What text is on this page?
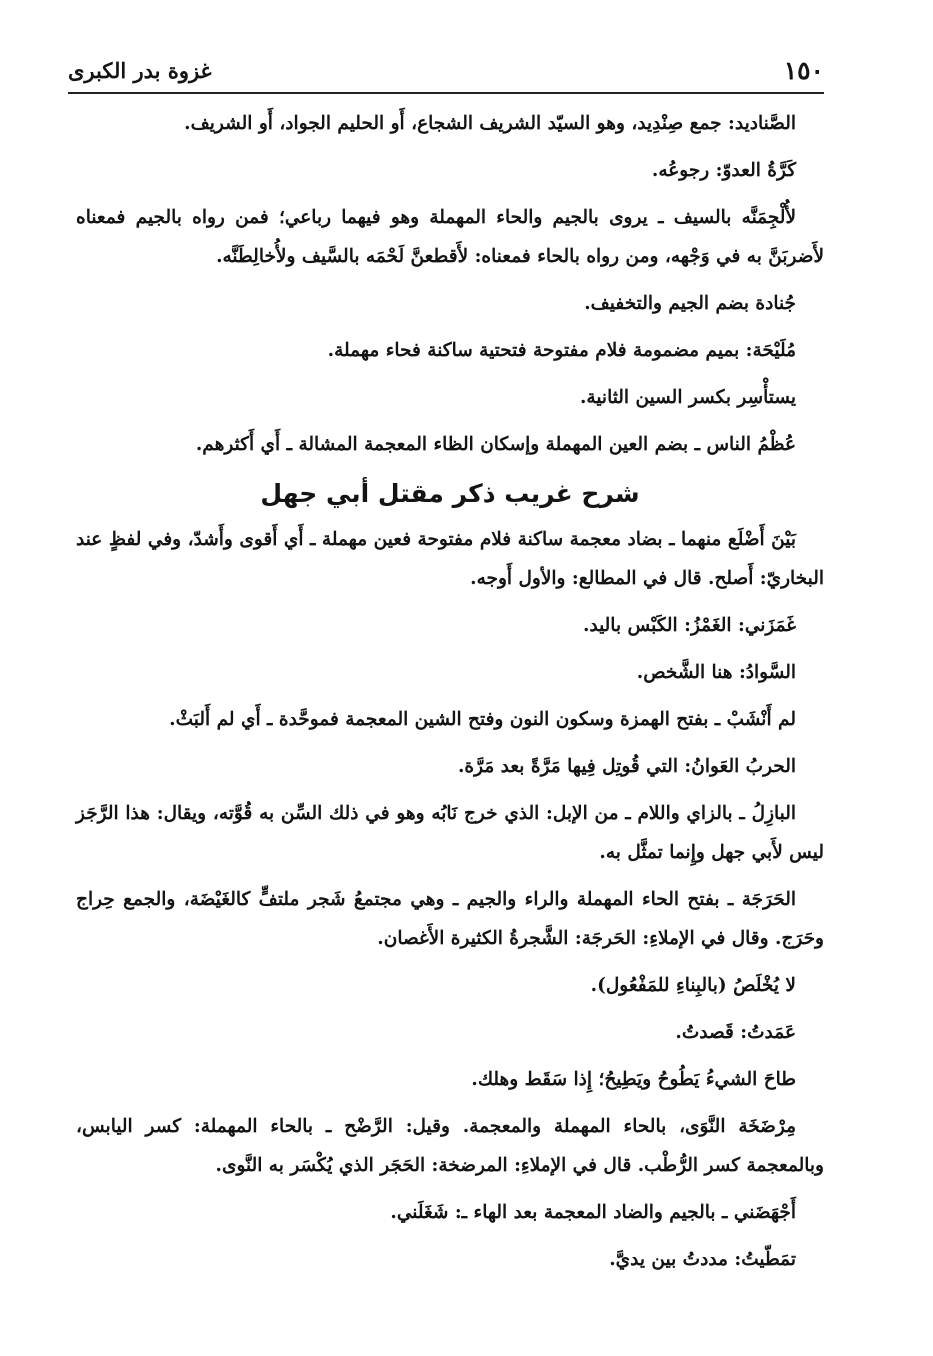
١٥٠
غزوة بدر الكبرى

الصَّناديد: جمع صِنْدِيد، وهو السيّد الشريف الشجاع، أَو الحليم الجواد، أَو الشريف.

كَرَّةُ العدوّ: رجوعُه.

لأُلْجِمَنَّه بالسيف ـ يروى بالجيم والحاء المهملة وهو فيهما رباعي؛ فمن رواه بالجيم فمعناه لأَضربَنَّ به في وَجْهه، ومن رواه بالحاء فمعناه: لأَقطعنَّ لَحْمَه بالسَّيف ولأُخالِطَنَّه.

جُنادة بضم الجيم والتخفيف.

مُلَيْحَة: بميم مضمومة فلام مفتوحة فتحتية ساكنة فحاء مهملة.

يستأْسِر بكسر السين الثانية.

عُظْمُ الناس ـ بضم العين المهملة وإسكان الظاء المعجمة المشالة ـ أَي أَكثرهم.

شرح غريب ذكر مقتل أبي جهل

بَيْنَ أَضْلَع منهما ـ بضاد معجمة ساكنة فلام مفتوحة فعين مهملة ـ أَي أَقوى وأَشدّ، وفي لفظٍ عند البخاريّ: أَصلح. قال في المطالع: والأول أَوجه.

غَمَزَني: الغَمْزُ: الكَبْس باليد.

السَّوادُ: هنا الشَّخص.

لم أَنْشَبْ ـ بفتح الهمزة وسكون النون وفتح الشين المعجمة فموحَّدة ـ أَي لم أَلبَثْ.

الحربُ العَوانُ: التي قُوتِل فِيها مَرَّةً بعد مَرَّة.

البازِلُ ـ بالزاي واللام ـ من الإبل: الذي خرج نَابُه وهو في ذلك السِّن به قُوَّته، ويقال: هذا الرَّجَز ليس لأَبي جهل وإِنما تمثَّل به.

الحَرَجَة ـ بفتح الحاء المهملة والراء والجيم ـ وهي مجتمعُ شَجر ملتفٍّ كالغَيْضَة، والجمع حِراج وحَرَج. وقال في الإملاءِ: الحَرجَة: الشَّجرةُ الكثيرة الأَغصان.

لا يُخْلَصُ (بالبِناءِ للمَفْعُول).

عَمَدتُ: قَصدتُ.

طاحَ الشيءُ يَطُوحُ ويَطِيحُ؛ إِذا سَقَط وهلك.

مِرْضَخَة النَّوَى، بالحاء المهملة والمعجمة. وقيل: الرَّضْح ـ بالحاء المهملة: كسر اليابس، وبالمعجمة كسر الرُّطْب. قال في الإملاءِ: المرضخة: الحَجَر الذي يُكْسَر به النَّوى.

أَجْهَضَني ـ بالجيم والضاد المعجمة بعد الهاء ـ: شَغَلَني.

تمَطّيتُ: مددتُ بين يديَّ.
